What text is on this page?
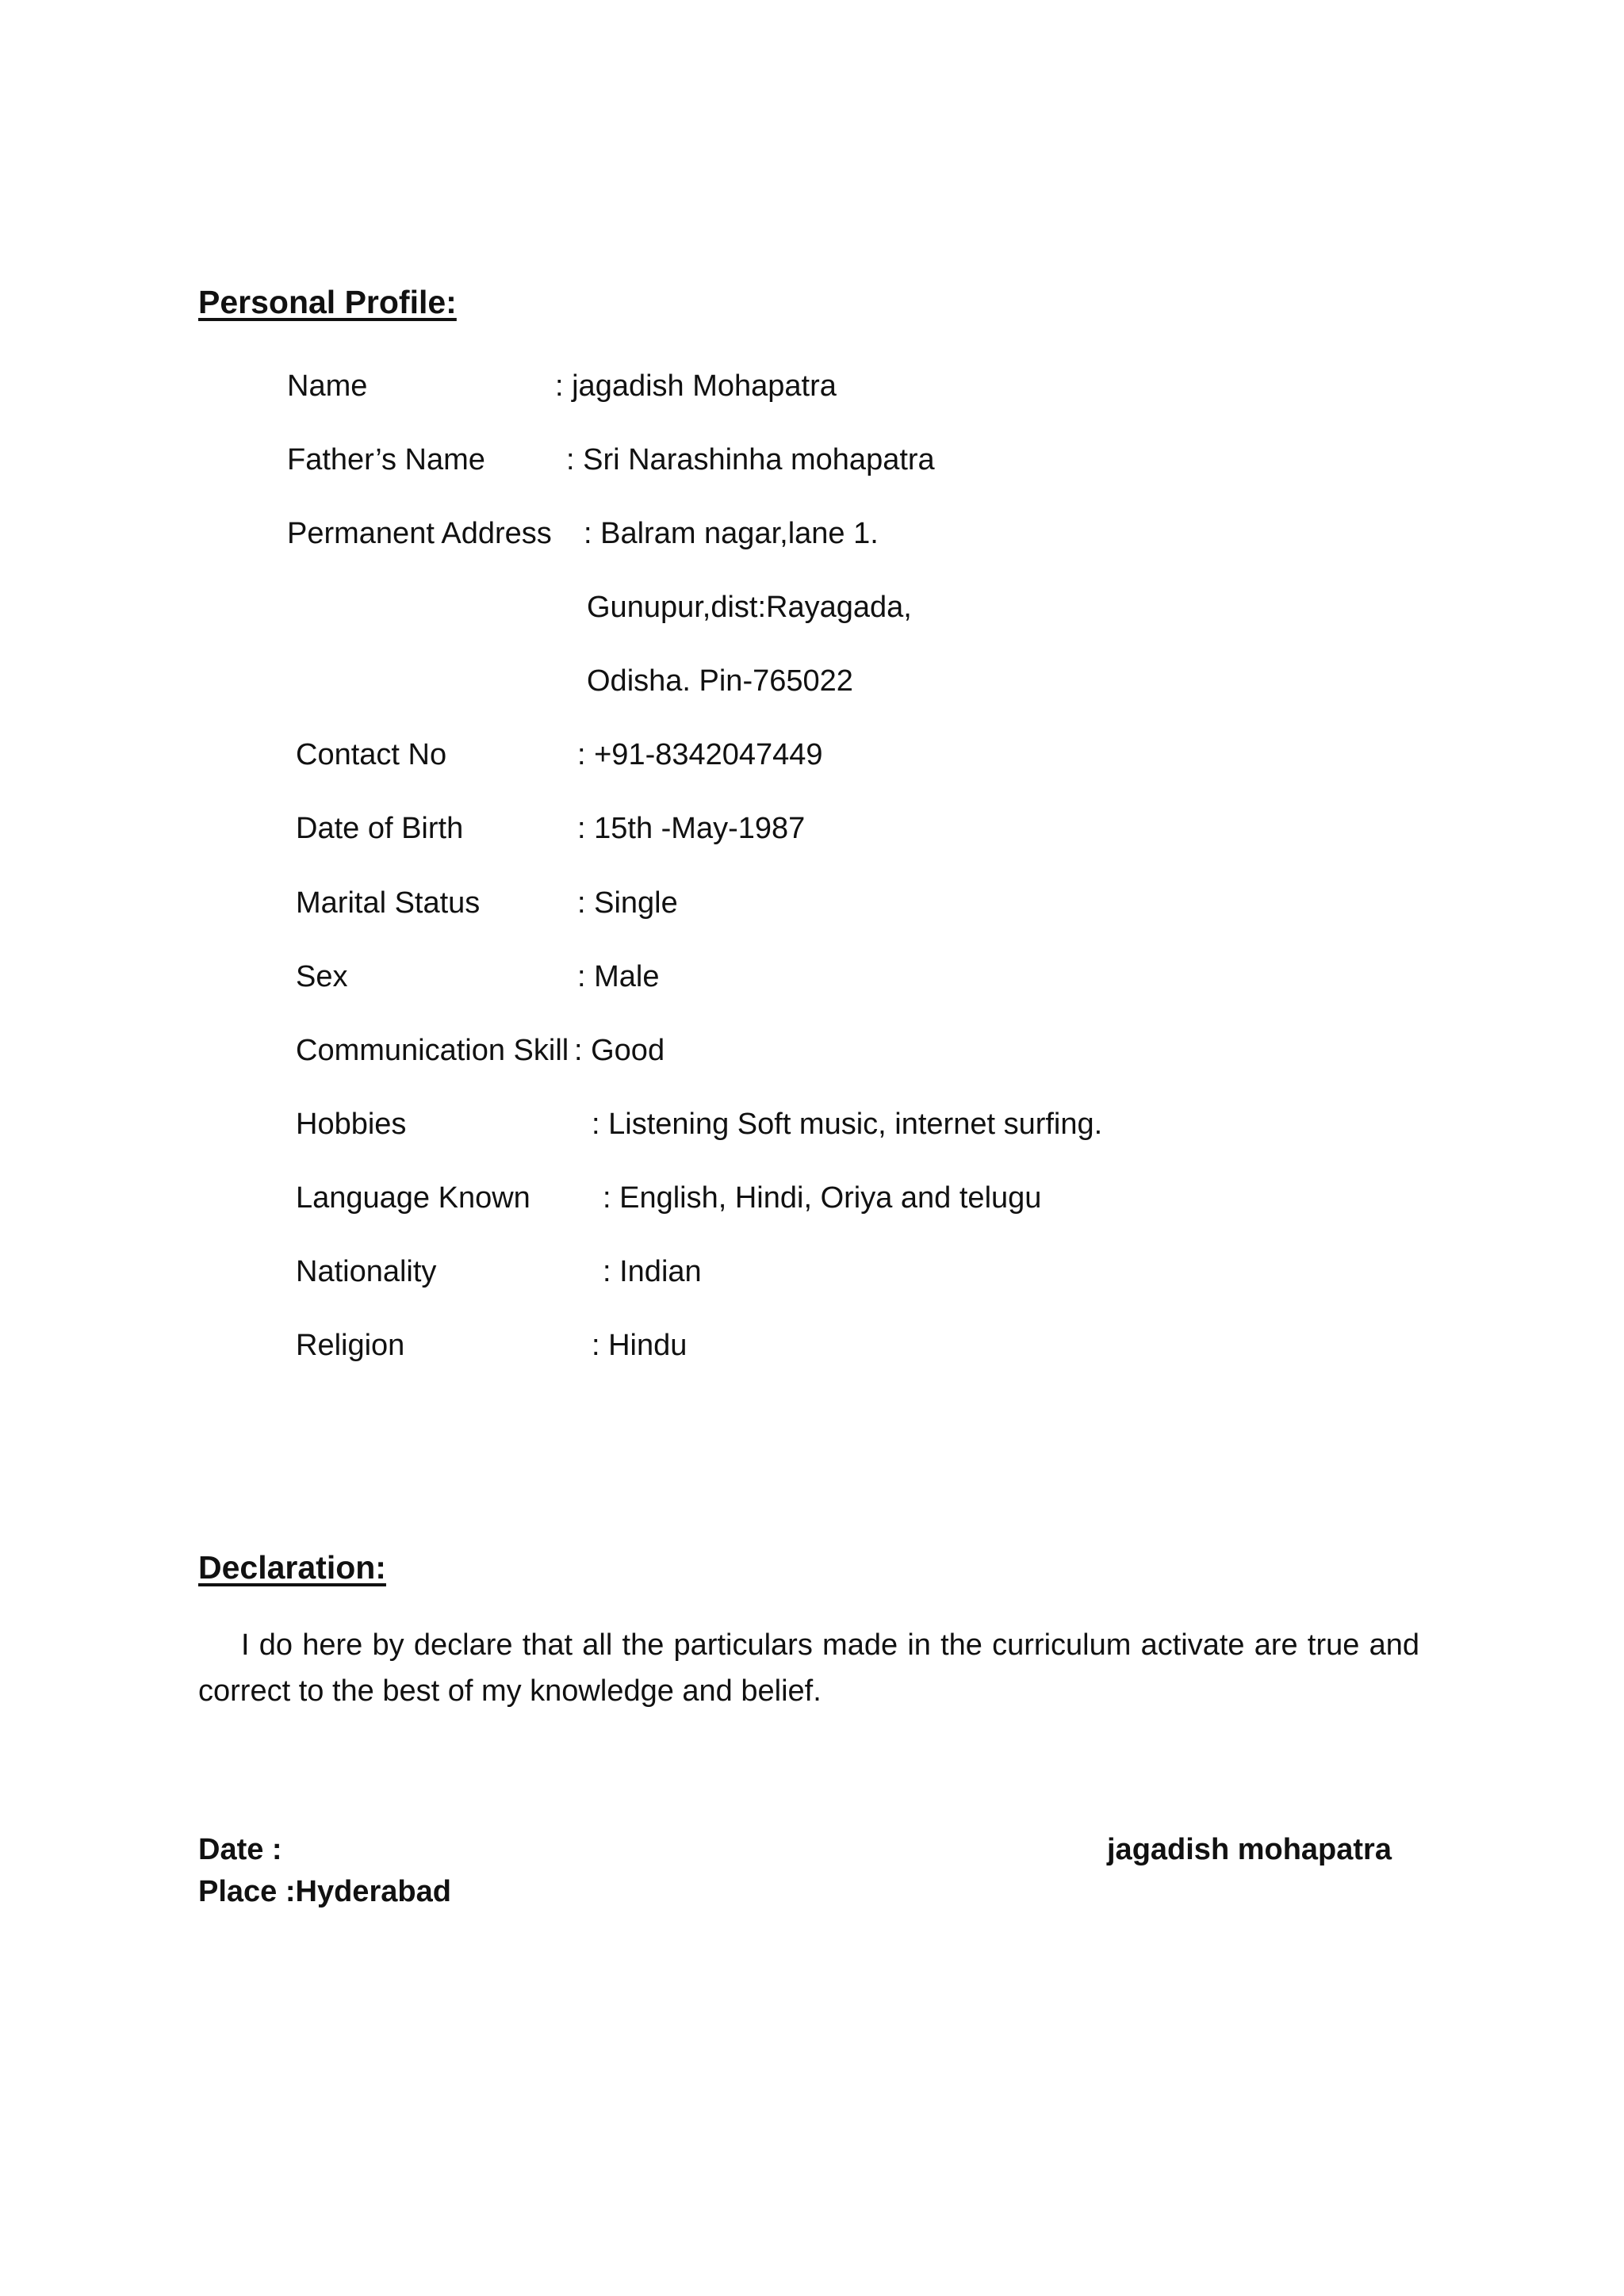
Personal Profile:
Name	: jagadish Mohapatra
Father’s Name	: Sri Narashinha mohapatra
Permanent Address : Balram nagar,lane 1.
Gunupur,dist:Rayagada,
Odisha. Pin-765022
Contact No	: +91-8342047449
Date of Birth	: 15th -May-1987
Marital Status	: Single
Sex	: Male
Communication Skill : Good
Hobbies	: Listening Soft music, internet surfing.
Language Known : English, Hindi, Oriya and telugu
Nationality	: Indian
Religion	: Hindu
Declaration:
I do here by declare that all the particulars made in the curriculum activate are true and
correct to the best of my knowledge and belief.
Date :	jagadish mohapatra
Place :Hyderabad
